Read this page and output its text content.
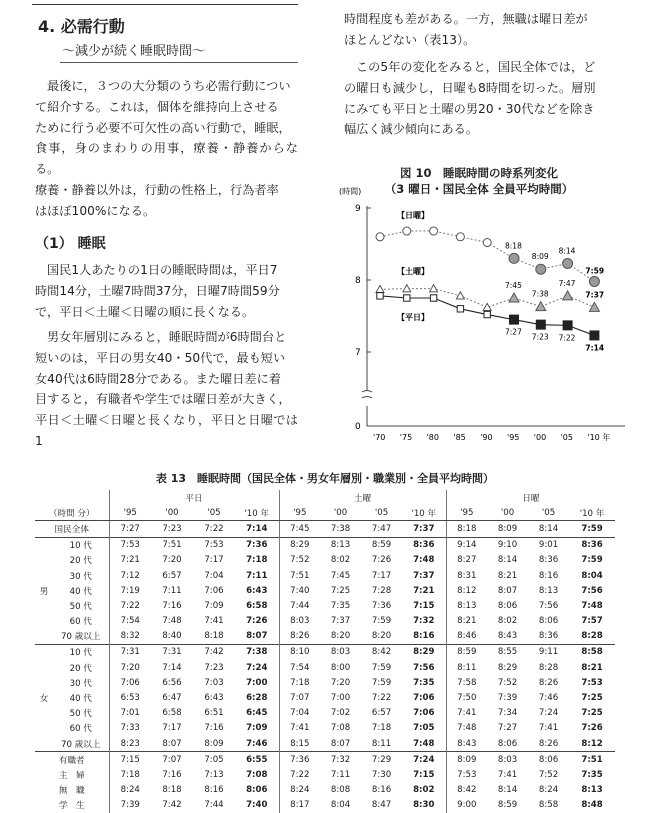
4. 必需行動
〜減少が続く睡眠時間〜
最後に，３つの大分類のうち必需行動につい
て紹介する。これは，個体を維持向上させる
ために行う必要不可欠性の高い行動で，睡眠，
食事，身のまわりの用事，療養・静養からなる。
療養・静養以外は，行動の性格上，行為者率
はほぼ100%になる。
（1） 睡眠
国民1人あたりの1日の睡眠時間は，平日7
時間14分，土曜7時間37分，日曜7時間59分
で，平日＜土曜＜日曜の順に長くなる。
男女年層別にみると，睡眠時間が6時間台と
短いのは，平日の男女40・50代で，最も短い
女40代は6時間28分である。また曜日差に着
目すると，有職者や学生では曜日差が大きく，
平日＜土曜＜日曜と長くなり，平日と日曜では1
時間程度も差がある。一方，無職は曜日差が
ほとんどない（表13）。
この5年の変化をみると，国民全体では，ど
の曜日も減少し，日曜も8時間を切った。層別
にみても平日と土曜の男20・30代などを除き
幅広く減少傾向にある。
図 10　睡眠時間の時系列変化
（3 曜日・国民全体 全員平均時間）
(時間)
9
8
7
0
'70 '75 '80 '85 '90 '95 '00 '05 '10 年
8:18
8:09
8:14
7:59
【日曜】
7:45
7:38
7:47
7:37
【土曜】
7:27
7:23 7:22
7:14
【平日】
表 13　睡眠時間（国民全体・男女年層別・職業別・全員平均時間）
		平日				土曜				日曜			
（時間 分）		'95	'00	'05	'10 年	'95	'00	'05	'10 年	'95	'00	'05	'10 年
国民全体		7:27	7:23	7:22	7:14	7:45	7:38	7:47	7:37	8:18	8:09	8:14	7:59
男	10 代	7:53	7:51	7:53	7:36	8:29	8:13	8:59	8:36	9:14	9:10	9:01	8:36
	20 代	7:21	7:20	7:17	7:18	7:52	8:02	7:26	7:48	8:27	8:14	8:36	7:59
	30 代	7:12	6:57	7:04	7:11	7:51	7:45	7:17	7:37	8:31	8:21	8:16	8:04
	40 代	7:19	7:11	7:06	6:43	7:40	7:25	7:28	7:21	8:12	8:07	8:13	7:56
	50 代	7:22	7:16	7:09	6:58	7:44	7:35	7:36	7:15	8:13	8:06	7:56	7:48
	60 代	7:54	7:48	7:41	7:26	8:03	7:37	7:59	7:32	8:21	8:02	8:06	7:57
	70 歳以上	8:32	8:40	8:18	8:07	8:26	8:20	8:20	8:16	8:46	8:43	8:36	8:28
女	10 代	7:31	7:31	7:42	7:38	8:10	8:03	8:42	8:29	8:59	8:55	9:11	8:58
	20 代	7:20	7:14	7:23	7:24	7:54	8:00	7:59	7:56	8:11	8:29	8:28	8:21
	30 代	7:06	6:56	7:03	7:00	7:18	7:20	7:59	7:35	7:58	7:52	8:26	7:53
	40 代	6:53	6:47	6:43	6:28	7:07	7:00	7:22	7:06	7:50	7:39	7:46	7:25
	50 代	7:01	6:58	6:51	6:45	7:04	7:02	6:57	7:06	7:41	7:34	7:24	7:25
	60 代	7:33	7:17	7:16	7:09	7:41	7:08	7:18	7:05	7:48	7:27	7:41	7:26
	70 歳以上	8:23	8:07	8:09	7:46	8:15	8:07	8:11	7:48	8:43	8:06	8:26	8:12
有職者		7:15	7:07	7:05	6:55	7:36	7:32	7:29	7:24	8:09	8:03	8:06	7:51
主　婦		7:18	7:16	7:13	7:08	7:22	7:11	7:30	7:15	7:53	7:41	7:52	7:35
無　職		8:24	8:18	8:16	8:06	8:24	8:08	8:16	8:02	8:42	8:14	8:24	8:13
学　生		7:39	7:42	7:44	7:40	8:17	8:04	8:47	8:30	9:00	8:59	8:58	8:48
